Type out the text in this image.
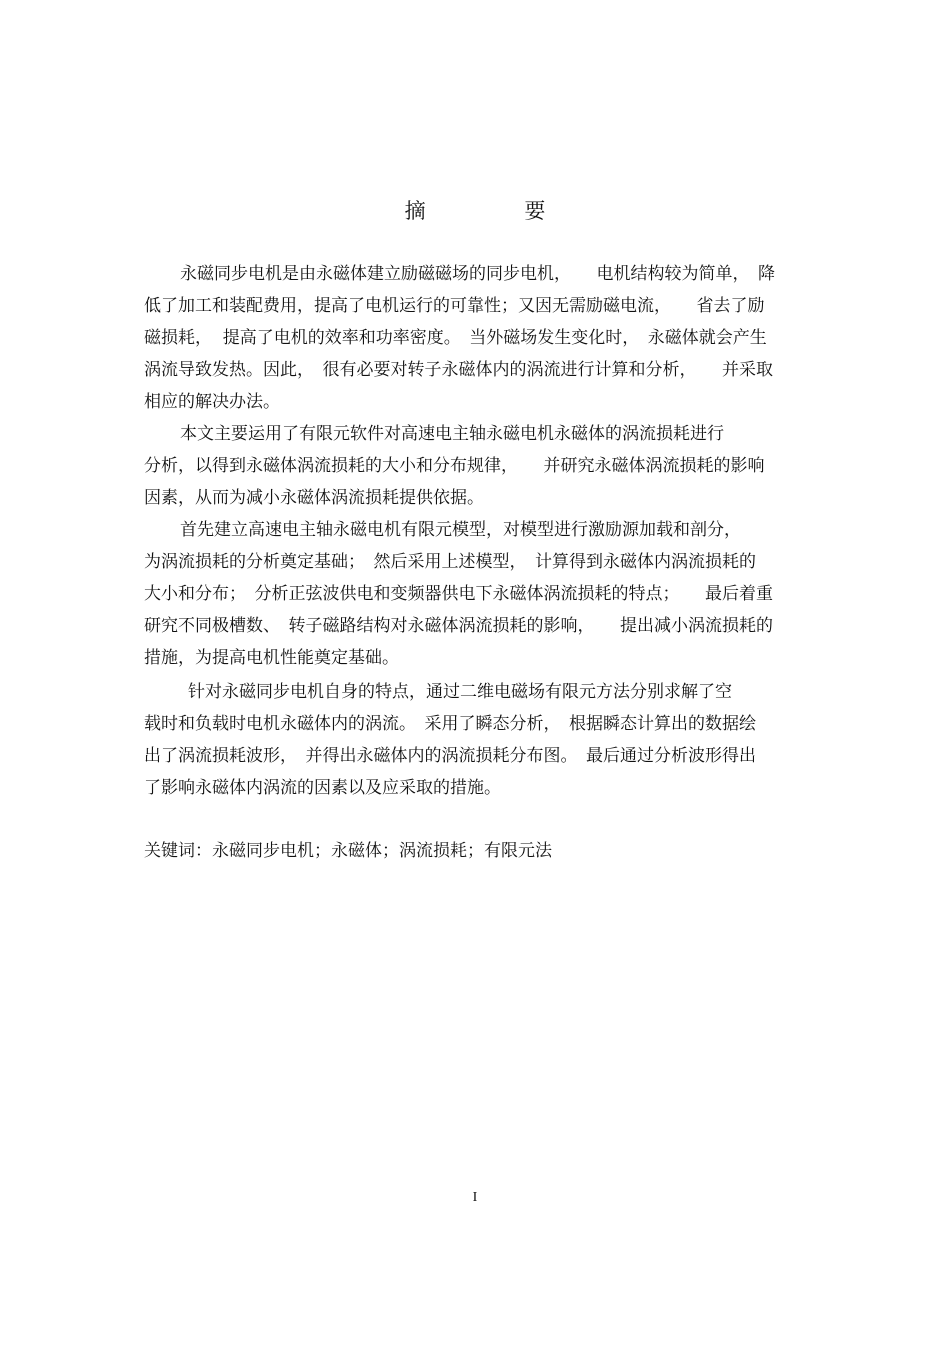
摘 要
永磁同步电机是由永磁体建立励磁磁场的同步电机，　　电机结构较为简单，　降
低了加工和装配费用，提高了电机运行的可靠性；又因无需励磁电流，　　省去了励
磁损耗，  提高了电机的效率和功率密度。　当外磁场发生变化时，　永磁体就会产生
涡流导致发热。因此，　很有必要对转子永磁体内的涡流进行计算和分析，　　并采取
相应的解决办法。
本文主要运用了有限元软件对高速电主轴永磁电机永磁体的涡流损耗进行
分析，以得到永磁体涡流损耗的大小和分布规律，　　并研究永磁体涡流损耗的影响
因素，从而为减小永磁体涡流损耗提供依据。
首先建立高速电主轴永磁电机有限元模型，对模型进行激励源加载和剖分，
为涡流损耗的分析奠定基础；　然后采用上述模型，　计算得到永磁体内涡流损耗的
大小和分布；　分析正弦波供电和变频器供电下永磁体涡流损耗的特点；　　最后着重
研究不同极槽数、　转子磁路结构对永磁体涡流损耗的影响，　　提出减小涡流损耗的
措施，为提高电机性能奠定基础。
针对永磁同步电机自身的特点，通过二维电磁场有限元方法分别求解了空
载时和负载时电机永磁体内的涡流。　采用了瞬态分析，　根据瞬态计算出的数据绘
出了涡流损耗波形，　并得出永磁体内的涡流损耗分布图。　最后通过分析波形得出
了影响永磁体内涡流的因素以及应采取的措施。
关键词：永磁同步电机；永磁体；涡流损耗；有限元法
I
